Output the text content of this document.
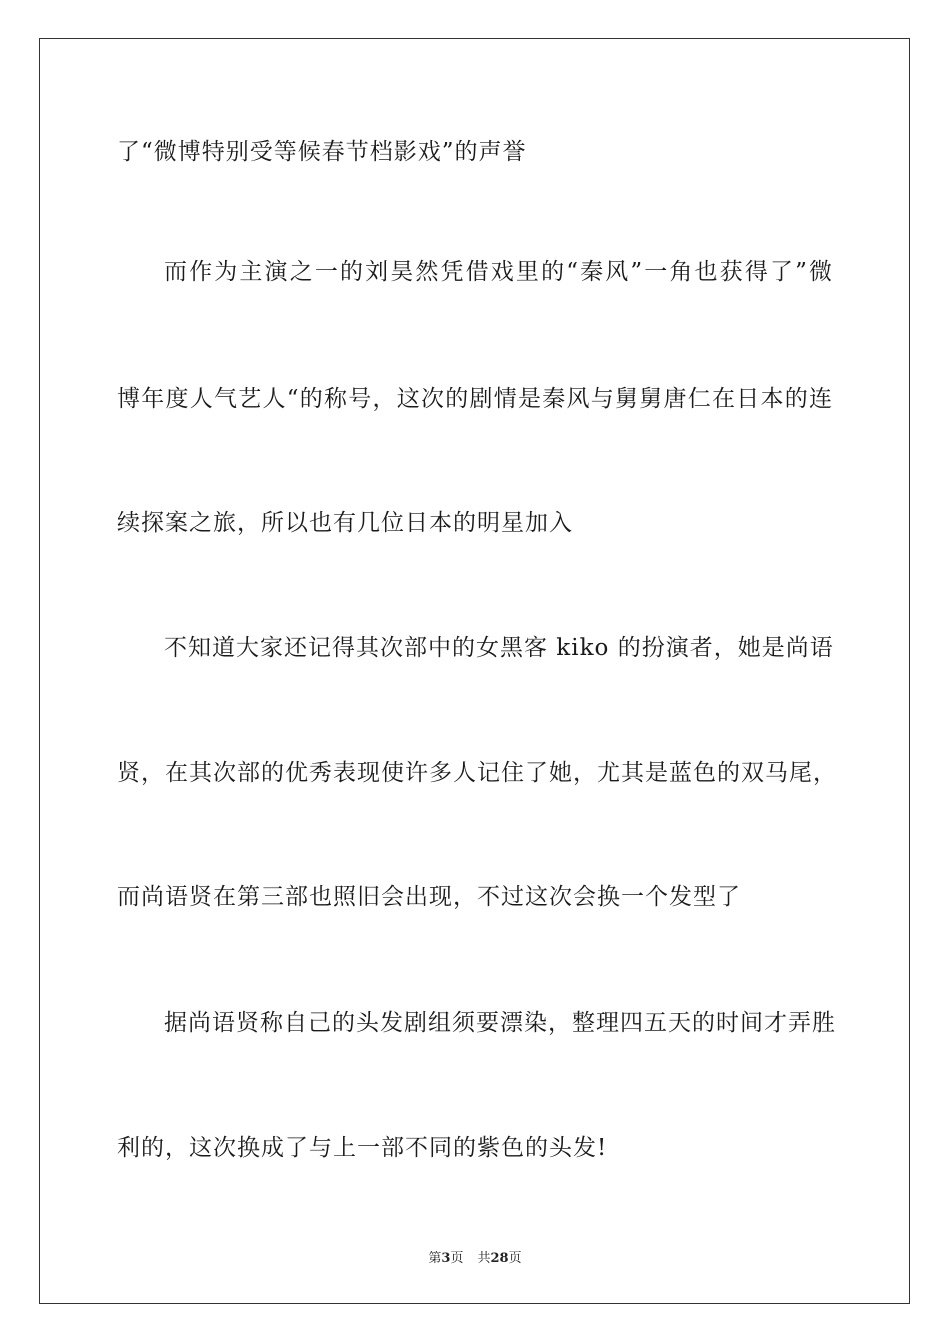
了“微博特别受等候春节档影戏”的声誉
而作为主演之一的刘昊然凭借戏里的“秦风”一角也获得了”微
博年度人气艺人“的称号，这次的剧情是秦风与舅舅唐仁在日本的连
续探案之旅，所以也有几位日本的明星加入
不知道大家还记得其次部中的女黑客 kiko 的扮演者，她是尚语
贤，在其次部的优秀表现使许多人记住了她，尤其是蓝色的双马尾，
而尚语贤在第三部也照旧会出现，不过这次会换一个发型了
据尚语贤称自己的头发剧组须要漂染，整理四五天的时间才弄胜
利的，这次换成了与上一部不同的紫色的头发!
第3页 共28页
